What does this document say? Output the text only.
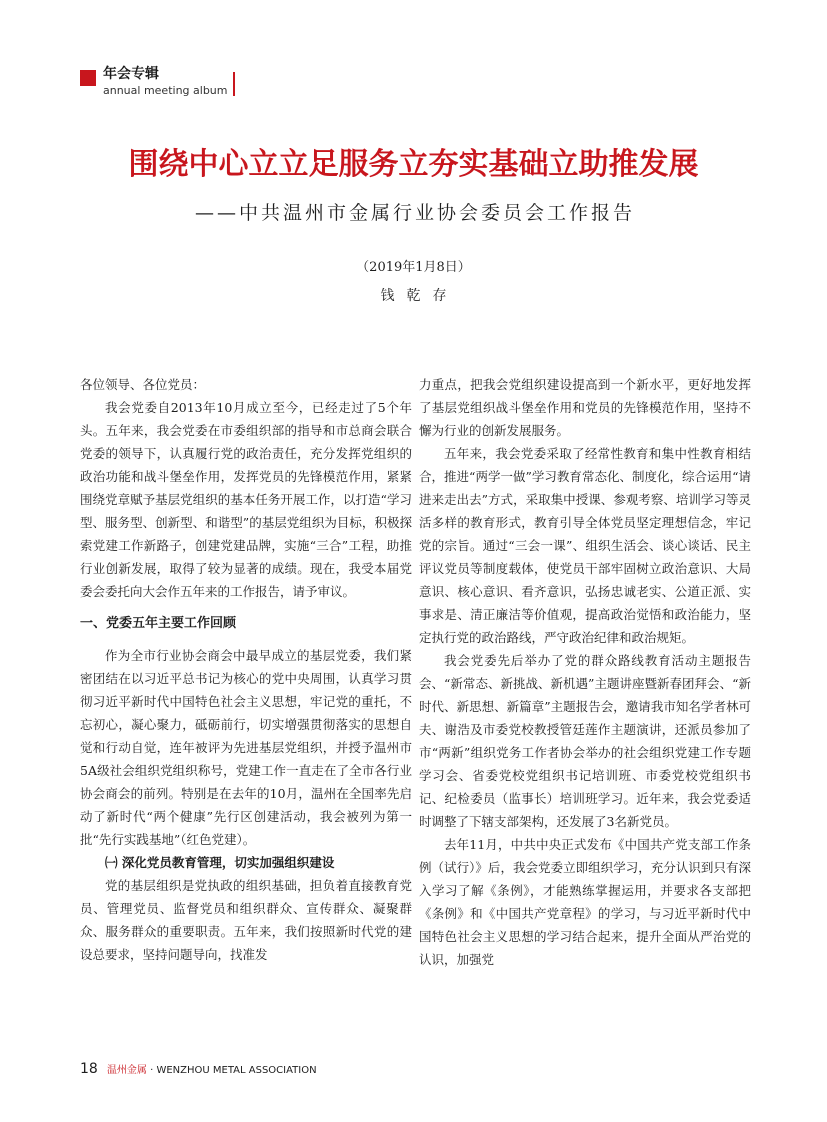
年会专辑
annual meeting album
围绕中心立立足服务立夯实基础立助推发展
——中共温州市金属行业协会委员会工作报告
（2019年1月8日）
钱乾存

各位领导、各位党员：

我会党委自2013年10月成立至今，已经走过了5个年头。五年来，我会党委在市委组织部的指导和市总商会联合党委的领导下，认真履行党的政治责任，充分发挥党组织的政治功能和战斗堡垒作用，发挥党员的先锋模范作用，紧紧围绕党章赋予基层党组织的基本任务开展工作，以打造“学习型、服务型、创新型、和谐型”的基层党组织为目标，积极探索党建工作新路子，创建党建品牌，实施“三合”工程，助推行业创新发展，取得了较为显著的成绩。现在，我受本届党委会委托向大会作五年来的工作报告，请予审议。

一、党委五年主要工作回顾

作为全市行业协会商会中最早成立的基层党委，我们紧密团结在以习近平总书记为核心的党中央周围，认真学习贯彻习近平新时代中国特色社会主义思想，牢记党的重托，不忘初心，凝心聚力，砥砺前行，切实增强贯彻落实的思想自觉和行动自觉，连年被评为先进基层党组织，并授予温州市5A级社会组织党组织称号，党建工作一直走在了全市各行业协会商会的前列。特别是在去年的10月，温州在全国率先启动了新时代“两个健康”先行区创建活动，我会被列为第一批“先行实践基地”（红色党建）。

㈠ 深化党员教育管理，切实加强组织建设

党的基层组织是党执政的组织基础，担负着直接教育党员、管理党员、监督党员和组织群众、宣传群众、凝聚群众、服务群众的重要职责。五年来，我们按照新时代党的建设总要求，坚持问题导向，找准发

力重点，把我会党组织建设提高到一个新水平，更好地发挥了基层党组织战斗堡垒作用和党员的先锋模范作用，坚持不懈为行业的创新发展服务。

五年来，我会党委采取了经常性教育和集中性教育相结合，推进“两学一做”学习教育常态化、制度化，综合运用“请进来走出去”方式，采取集中授课、参观考察、培训学习等灵活多样的教育形式，教育引导全体党员坚定理想信念，牢记党的宗旨。通过“三会一课”、组织生活会、谈心谈话、民主评议党员等制度载体，使党员干部牢固树立政治意识、大局意识、核心意识、看齐意识，弘扬忠诚老实、公道正派、实事求是、清正廉洁等价值观，提高政治觉悟和政治能力，坚定执行党的政治路线，严守政治纪律和政治规矩。

我会党委先后举办了党的群众路线教育活动主题报告会、“新常态、新挑战、新机遇”主题讲座暨新春团拜会、“新时代、新思想、新篇章”主题报告会，邀请我市知名学者林可夫、谢浩及市委党校教授管廷莲作主题演讲，还派员参加了市“两新”组织党务工作者协会举办的社会组织党建工作专题学习会、省委党校党组织书记培训班、市委党校党组织书记、纪检委员（监事长）培训班学习。近年来，我会党委适时调整了下辖支部架构，还发展了3名新党员。

去年11月，中共中央正式发布《中国共产党支部工作条例（试行）》后，我会党委立即组织学习，充分认识到只有深入学习了解《条例》，才能熟练掌握运用，并要求各支部把《条例》和《中国共产党章程》的学习，与习近平新时代中国特色社会主义思想的学习结合起来，提升全面从严治党的认识，加强党

18 温州金属 · WENZHOU METAL ASSOCIATION
